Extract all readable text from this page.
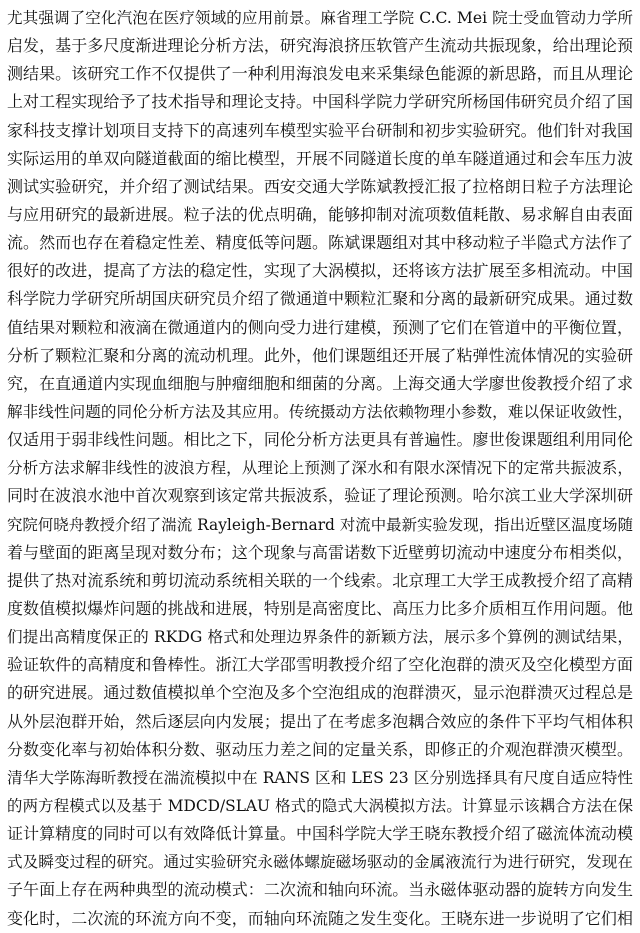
尤其强调了空化汽泡在医疗领域的应用前景。麻省理工学院 C.C. Mei 院士受血管动力学所
启发，基于多尺度渐进理论分析方法，研究海浪挤压软管产生流动共振现象，给出理论预
测结果。该研究工作不仅提供了一种利用海浪发电来采集绿色能源的新思路，而且从理论
上对工程实现给予了技术指导和理论支持。中国科学院力学研究所杨国伟研究员介绍了国
家科技支撑计划项目支持下的高速列车模型实验平台研制和初步实验研究。他们针对我国
实际运用的单双向隧道截面的缩比模型，开展不同隧道长度的单车隧道通过和会车压力波
测试实验研究，并介绍了测试结果。西安交通大学陈斌教授汇报了拉格朗日粒子方法理论
与应用研究的最新进展。粒子法的优点明确，能够抑制对流项数值耗散、易求解自由表面
流。然而也存在着稳定性差、精度低等问题。陈斌课题组对其中移动粒子半隐式方法作了
很好的改进，提高了方法的稳定性，实现了大涡模拟，还将该方法扩展至多相流动。中国
科学院力学研究所胡国庆研究员介绍了微通道中颗粒汇聚和分离的最新研究成果。通过数
值结果对颗粒和液滴在微通道内的侧向受力进行建模，预测了它们在管道中的平衡位置，
分析了颗粒汇聚和分离的流动机理。此外，他们课题组还开展了粘弹性流体情况的实验研
究，在直通道内实现血细胞与肿瘤细胞和细菌的分离。上海交通大学廖世俊教授介绍了求
解非线性问题的同伦分析方法及其应用。传统摄动方法依赖物理小参数，难以保证收敛性，
仅适用于弱非线性问题。相比之下，同伦分析方法更具有普遍性。廖世俊课题组利用同伦
分析方法求解非线性的波浪方程，从理论上预测了深水和有限水深情况下的定常共振波系，
同时在波浪水池中首次观察到该定常共振波系，验证了理论预测。哈尔滨工业大学深圳研
究院何晓舟教授介绍了湍流 Rayleigh-Bernard 对流中最新实验发现，指出近壁区温度场随
着与壁面的距离呈现对数分布；这个现象与高雷诺数下近壁剪切流动中速度分布相类似，
提供了热对流系统和剪切流动系统相关联的一个线索。北京理工大学王成教授介绍了高精
度数值模拟爆炸问题的挑战和进展，特别是高密度比、高压力比多介质相互作用问题。他
们提出高精度保正的 RKDG 格式和处理边界条件的新颖方法，展示多个算例的测试结果，
验证软件的高精度和鲁棒性。浙江大学邵雪明教授介绍了空化泡群的溃灭及空化模型方面
的研究进展。通过数值模拟单个空泡及多个空泡组成的泡群溃灭，显示泡群溃灭过程总是
从外层泡群开始，然后逐层向内发展；提出了在考虑多泡耦合效应的条件下平均气相体积
分数变化率与初始体积分数、驱动压力差之间的定量关系，即修正的介观泡群溃灭模型。
清华大学陈海昕教授在湍流模拟中在 RANS 区和 LES 23 区分别选择具有尺度自适应特性
的两方程模式以及基于 MDCD/SLAU 格式的隐式大涡模拟方法。计算显示该耦合方法在保
证计算精度的同时可以有效降低计算量。中国科学院大学王晓东教授介绍了磁流体流动模
式及瞬变过程的研究。通过实验研究永磁体螺旋磁场驱动的金属液流行为进行研究，发现在
子午面上存在两种典型的流动模式：二次流和轴向环流。当永磁体驱动器的旋转方向发生
变化时，二次流的环流方向不变，而轴向环流随之发生变化。王晓东进一步说明了它们相
